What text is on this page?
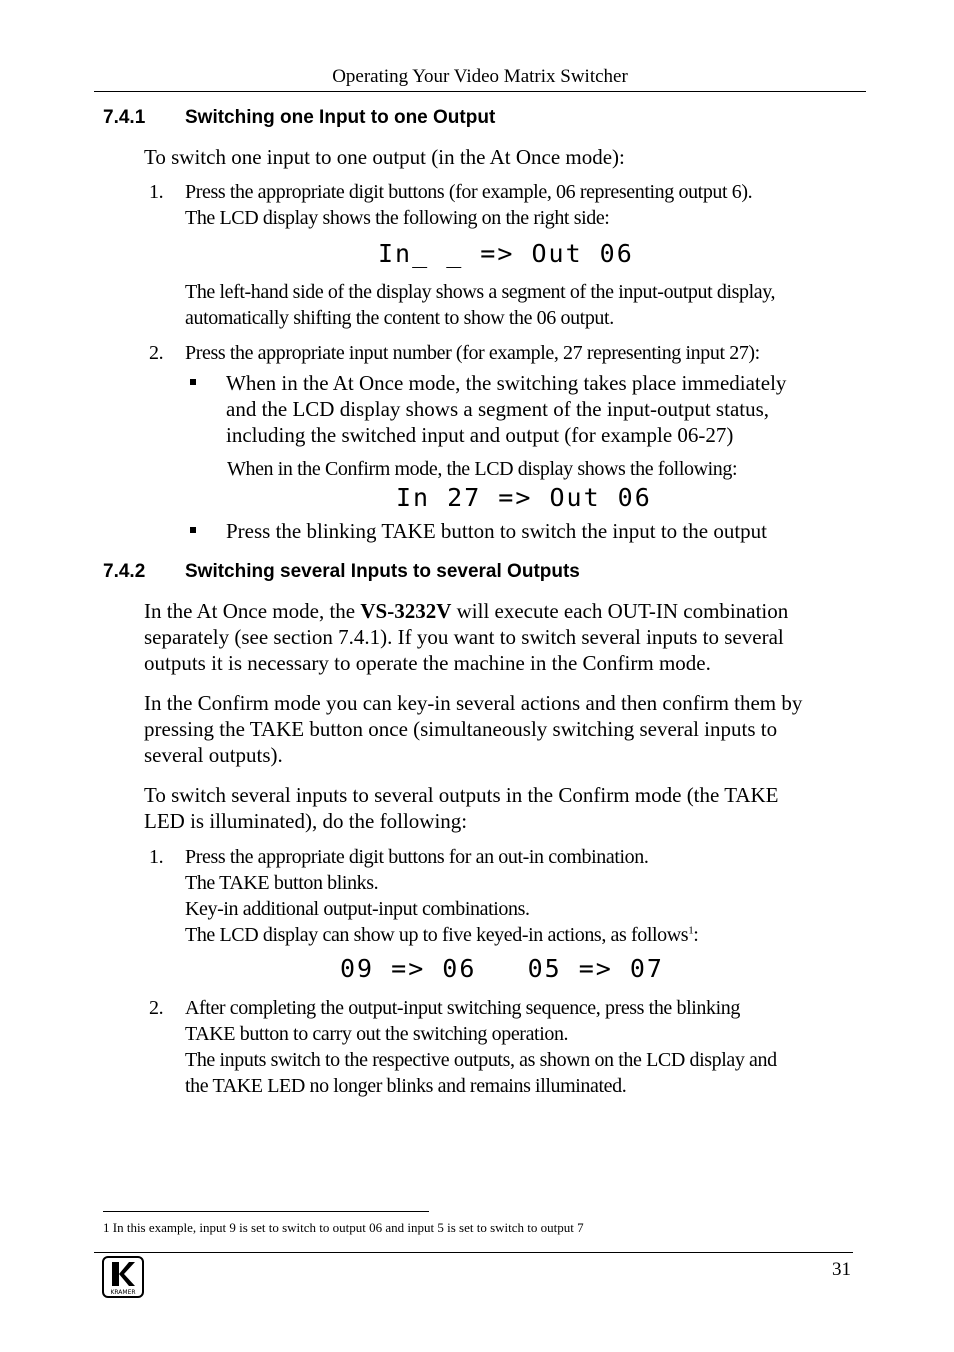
Operating Your Video Matrix Switcher
7.4.1 Switching one Input to one Output
To switch one input to one output (in the At Once mode):
1. Press the appropriate digit buttons (for example, 06 representing output 6).
The LCD display shows the following on the right side:
In_ _ => Out 06
The left-hand side of the display shows a segment of the input-output display,
automatically shifting the content to show the 06 output.
2. Press the appropriate input number (for example, 27 representing input 27):
When in the At Once mode, the switching takes place immediately
and the LCD display shows a segment of the input-output status,
including the switched input and output (for example 06-27)
When in the Confirm mode, the LCD display shows the following:
In 27 => Out 06
Press the blinking TAKE button to switch the input to the output
7.4.2 Switching several Inputs to several Outputs
In the At Once mode, the VS-3232V will execute each OUT-IN combination
separately (see section 7.4.1). If you want to switch several inputs to several
outputs it is necessary to operate the machine in the Confirm mode.
In the Confirm mode you can key-in several actions and then confirm them by
pressing the TAKE button once (simultaneously switching several inputs to
several outputs).
To switch several inputs to several outputs in the Confirm mode (the TAKE
LED is illuminated), do the following:
1. Press the appropriate digit buttons for an out-in combination.
The TAKE button blinks.
Key-in additional output-input combinations.
The LCD display can show up to five keyed-in actions, as follows$^1$:
09 => 06   05 => 07
2. After completing the output-input switching sequence, press the blinking
TAKE button to carry out the switching operation.
The inputs switch to the respective outputs, as shown on the LCD display and
the TAKE LED no longer blinks and remains illuminated.
1 In this example, input 9 is set to switch to output 06 and input 5 is set to switch to output 7
31
KRAMER
